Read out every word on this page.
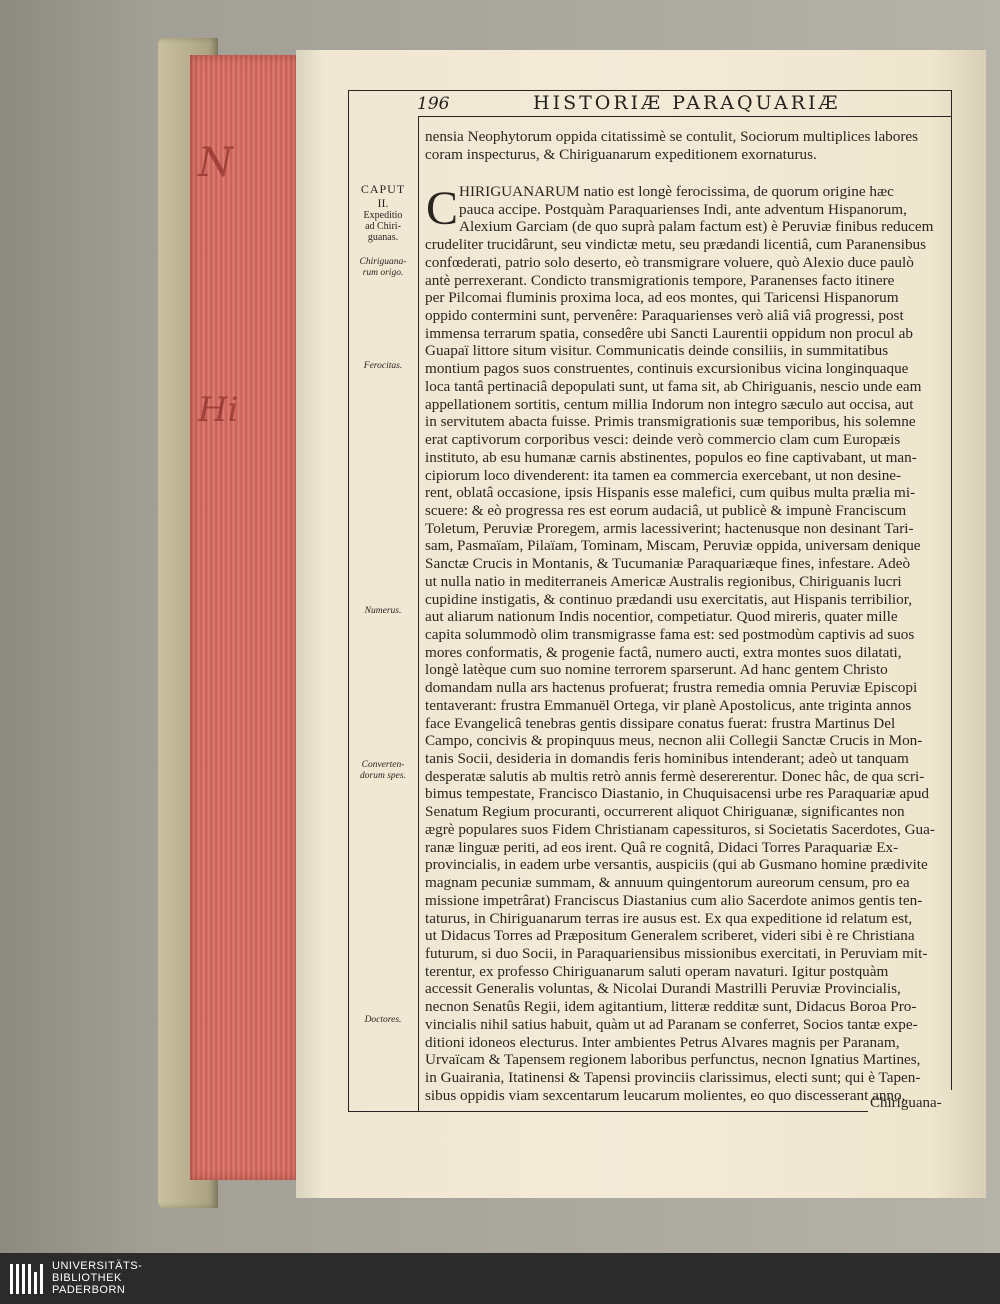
N
Hi
196	HISTORIÆ PARAQUARIÆ
CAPUT
II.
Expeditio
ad Chiri-
guanas.
Chiriguana-
rum origo.
Ferocitas.
Numerus.
Converten-
dorum spes.
Doctores.
nensia Neophytorum oppida citatissimè se contulit, Sociorum multiplices labores
coram inspecturus, & Chiriguanarum expeditionem exornaturus.
HIRIGUANARUM natio est longè ferocissima, de quorum origine hæc
pauca accipe. Postquàm Paraquarienses Indi, ante adventum Hispanorum,
Alexium Garciam (de quo suprà palam factum est) è Peruviæ finibus reducem
crudeliter trucidârunt, seu vindictæ metu, seu prædandi licentiâ, cum Paranensibus
confœderati, patrio solo deserto, eò transmigrare voluere, quò Alexio duce paulò
antè perrexerant. Condicto transmigrationis tempore, Paranenses facto itinere
per Pilcomai fluminis proxima loca, ad eos montes, qui Taricensi Hispanorum
oppido contermini sunt, pervenêre: Paraquarienses verò aliâ viâ progressi, post
immensa terrarum spatia, consedêre ubi Sancti Laurentii oppidum non procul ab
Guapaï littore situm visitur. Communicatis deinde consiliis, in summitatibus
montium pagos suos construentes, continuis excursionibus vicina longinquaque
loca tantâ pertinaciâ depopulati sunt, ut fama sit, ab Chiriguanis, nescio unde eam
appellationem sortitis, centum millia Indorum non integro sæculo aut occisa, aut
in servitutem abacta fuisse. Primis transmigrationis suæ temporibus, his solemne
erat captivorum corporibus vesci: deinde verò commercio clam cum Europæis
instituto, ab esu humanæ carnis abstinentes, populos eo fine captivabant, ut man-
cipiorum loco divenderent: ita tamen ea commercia exercebant, ut non desine-
rent, oblatâ occasione, ipsis Hispanis esse malefici, cum quibus multa prælia mi-
scuere: & eò progressa res est eorum audaciâ, ut publicè & impunè Franciscum
Toletum, Peruviæ Proregem, armis lacessiverint; hactenusque non desinant Tari-
sam, Pasmaïam, Pilaïam, Tominam, Miscam, Peruviæ oppida, universam denique
Sanctæ Crucis in Montanis, & Tucumaniæ Paraquariæque fines, infestare. Adeò
ut nulla natio in mediterraneis Americæ Australis regionibus, Chiriguanis lucri
cupidine instigatis, & continuo prædandi usu exercitatis, aut Hispanis terribilior,
aut aliarum nationum Indis nocentior, competiatur. Quod mireris, quater mille
capita solummodò olim transmigrasse fama est: sed postmodùm captivis ad suos
mores conformatis, & progenie factâ, numero aucti, extra montes suos dilatati,
longè latèque cum suo nomine terrorem sparserunt. Ad hanc gentem Christo
domandam nulla ars hactenus profuerat; frustra remedia omnia Peruviæ Episcopi
tentaverant: frustra Emmanuël Ortega, vir planè Apostolicus, ante triginta annos
face Evangelicâ tenebras gentis dissipare conatus fuerat: frustra Martinus Del
Campo, concivis & propinquus meus, necnon alii Collegii Sanctæ Crucis in Mon-
tanis Socii, desideria in domandis feris hominibus intenderant; adeò ut tanquam
desperatæ salutis ab multis retrò annis fermè desererentur. Donec hâc, de qua scri-
bimus tempestate, Francisco Diastanio, in Chuquisacensi urbe res Paraquariæ apud
Senatum Regium procuranti, occurrerent aliquot Chiriguanæ, significantes non
ægrè populares suos Fidem Christianam capessituros, si Societatis Sacerdotes, Gua-
ranæ linguæ periti, ad eos irent. Quâ re cognitâ, Didaci Torres Paraquariæ Ex-
provincialis, in eadem urbe versantis, auspiciis (qui ab Gusmano homine prædivite
magnam pecuniæ summam, & annuum quingentorum aureorum censum, pro ea
missione impetrârat) Franciscus Diastanius cum alio Sacerdote animos gentis ten-
taturus, in Chiriguanarum terras ire ausus est. Ex qua expeditione id relatum est,
ut Didacus Torres ad Præpositum Generalem scriberet, videri sibi è re Christiana
futurum, si duo Socii, in Paraquariensibus missionibus exercitati, in Peruviam mit-
terentur, ex professo Chiriguanarum saluti operam navaturi. Igitur postquàm
accessit Generalis voluntas, & Nicolai Durandi Mastrilli Peruviæ Provincialis,
necnon Senatûs Regii, idem agitantium, litteræ redditæ sunt, Didacus Boroa Pro-
vincialis nihil satius habuit, quàm ut ad Paranam se conferret, Socios tantæ expe-
ditioni idoneos electurus. Inter ambientes Petrus Alvares magnis per Paranam,
Urvaïcam & Tapensem regionem laboribus perfunctus, necnon Ignatius Martines,
in Guairania, Itatinensi & Tapensi provinciis clarissimus, electi sunt; qui è Tapen-
sibus oppidis viam sexcentarum leucarum molientes, eo quo discesserant anno,
C
Chiriguana-
UNIVERSITÄTS-
BIBLIOTHEK
PADERBORN
